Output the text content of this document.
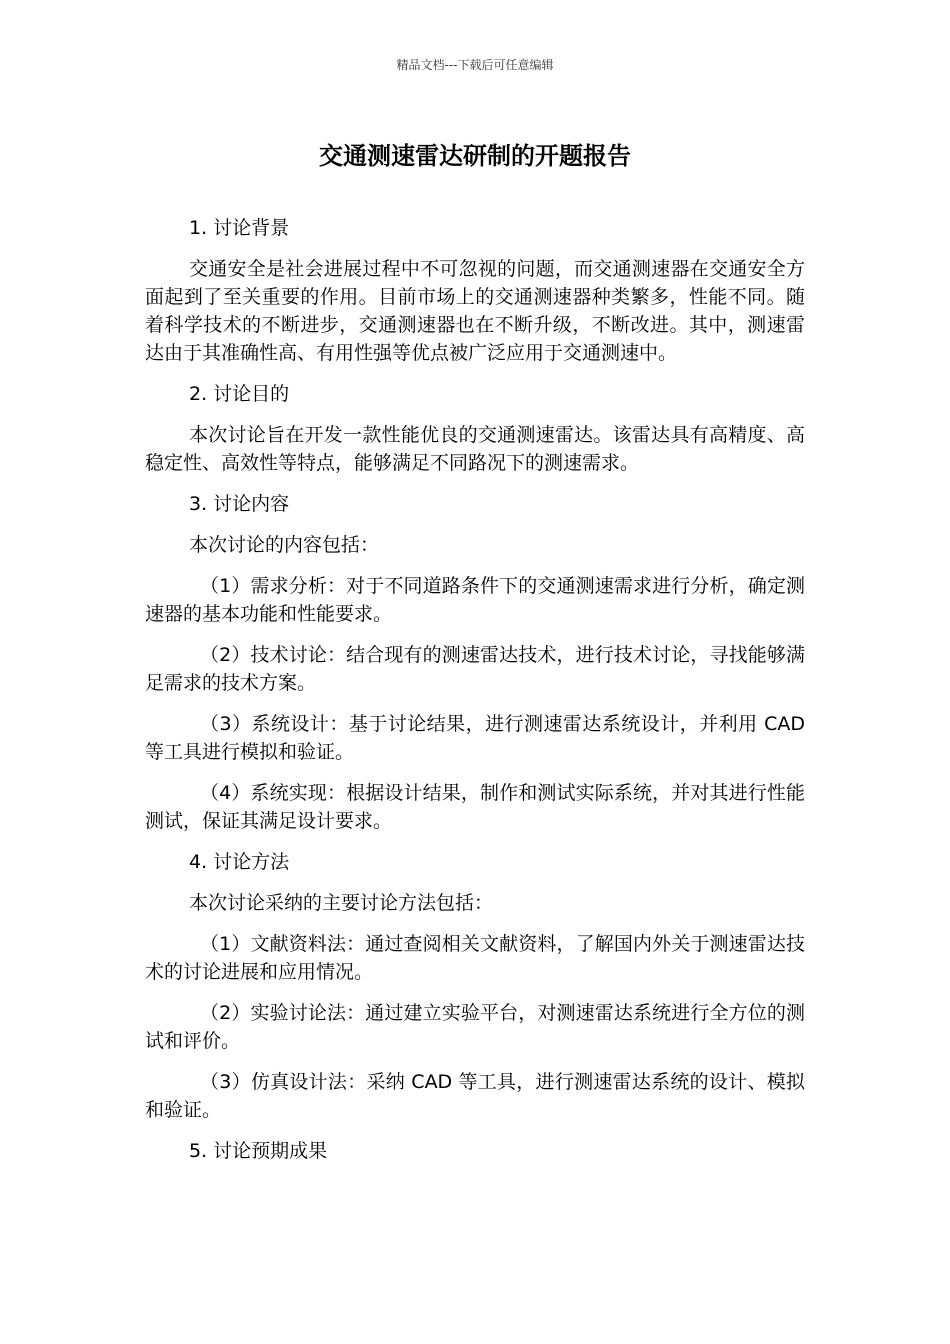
精品文档---下载后可任意编辑
交通测速雷达研制的开题报告

1. 讨论背景

交通安全是社会进展过程中不可忽视的问题，而交通测速器在交通安全方面起到了至关重要的作用。目前市场上的交通测速器种类繁多，性能不同。随着科学技术的不断进步，交通测速器也在不断升级，不断改进。其中，测速雷达由于其准确性高、有用性强等优点被广泛应用于交通测速中。

2. 讨论目的

本次讨论旨在开发一款性能优良的交通测速雷达。该雷达具有高精度、高稳定性、高效性等特点，能够满足不同路况下的测速需求。

3. 讨论内容

本次讨论的内容包括：

（1）需求分析：对于不同道路条件下的交通测速需求进行分析，确定测速器的基本功能和性能要求。

（2）技术讨论：结合现有的测速雷达技术，进行技术讨论，寻找能够满足需求的技术方案。

（3）系统设计：基于讨论结果，进行测速雷达系统设计，并利用 CAD 等工具进行模拟和验证。

（4）系统实现：根据设计结果，制作和测试实际系统，并对其进行性能测试，保证其满足设计要求。

4. 讨论方法

本次讨论采纳的主要讨论方法包括：

（1）文献资料法：通过查阅相关文献资料，了解国内外关于测速雷达技术的讨论进展和应用情况。

（2）实验讨论法：通过建立实验平台，对测速雷达系统进行全方位的测试和评价。

（3）仿真设计法：采纳 CAD 等工具，进行测速雷达系统的设计、模拟和验证。

5. 讨论预期成果
